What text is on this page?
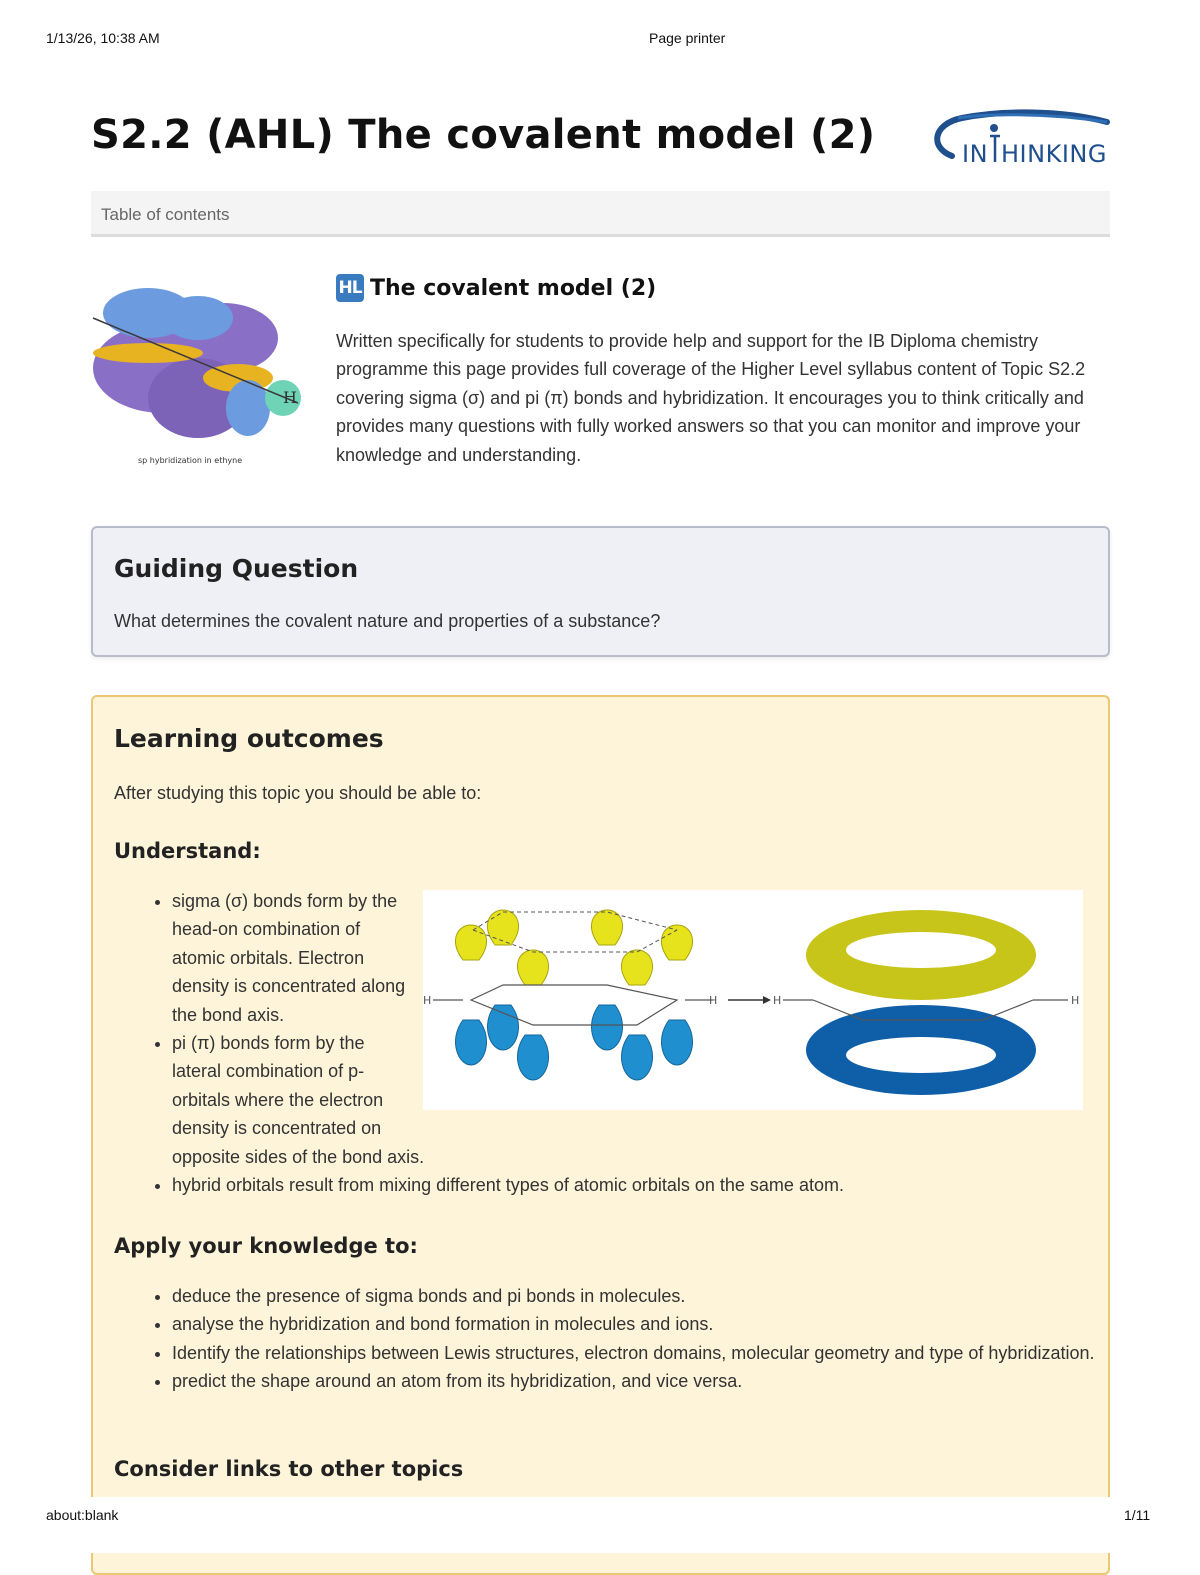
1/13/26, 10:38 AM	Page printer
S2.2 (AHL) The covalent model (2)	IN HINKING
Table of contents
H
sp hybridization in ethyne
HL The covalent model (2)

Written specifically for students to provide help and support for the IB Diploma chemistry programme this page provides full coverage of the Higher Level syllabus content of Topic S2.2 covering sigma (σ) and pi (π) bonds and hybridization. It encourages you to think critically and provides many questions with fully worked answers so that you can monitor and improve your knowledge and understanding.

Guiding Question

What determines the covalent nature and properties of a substance?

Learning outcomes

After studying this topic you should be able to:

Understand:
• sigma (σ) bonds form by the head-on combination of atomic orbitals. Electron density is concentrated along the bond axis.
• pi (π) bonds form by the lateral combination of p-orbitals where the electron density is concentrated on opposite sides of the bond axis.
• hybrid orbitals result from mixing different types of atomic orbitals on the same atom.
H	H	H	H
Apply your knowledge to:
• deduce the presence of sigma bonds and pi bonds in molecules.
• analyse the hybridization and bond formation in molecules and ions.
• Identify the relationships between Lewis structures, electron domains, molecular geometry and type of hybridization.
• predict the shape around an atom from its hybridization, and vice versa.
Consider links to other topics
about:blank	1/11
